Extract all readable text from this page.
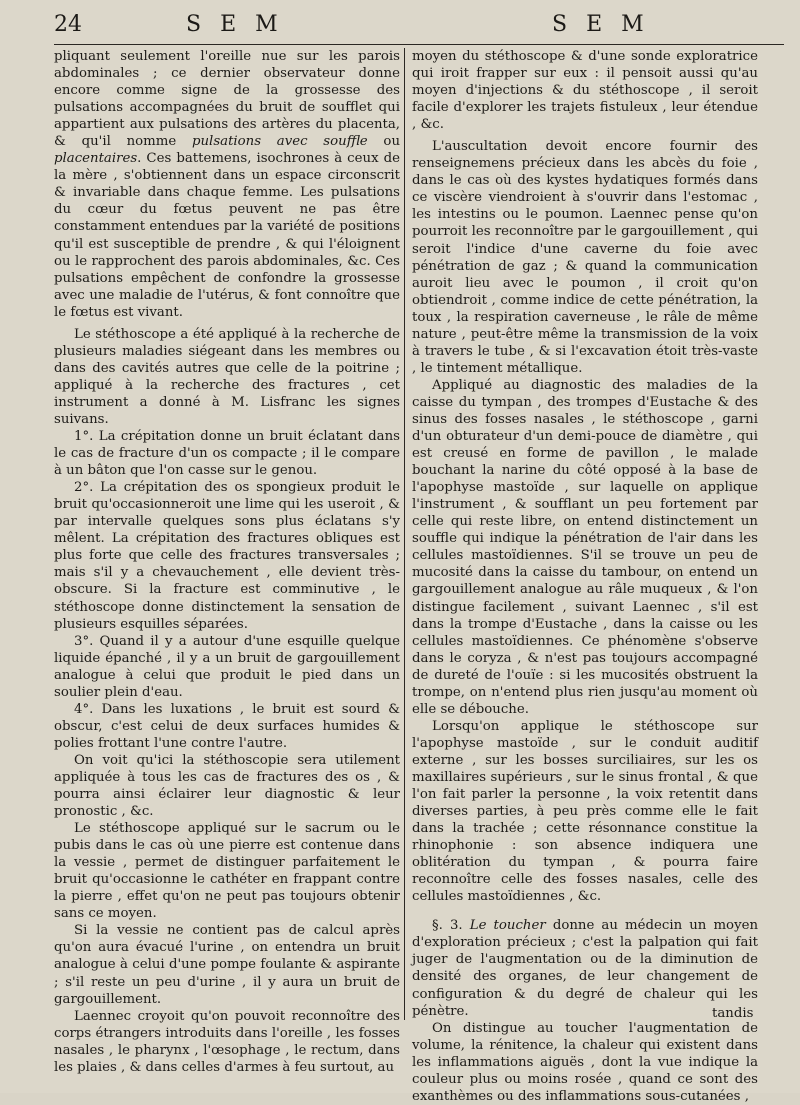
24	S E M	S E M

pliquant seulement l'oreille nue sur les parois abdominales ; ce dernier observateur donne encore comme signe de la grossesse des pulsations accompagnées du bruit de soufflet qui appartient aux pulsations des artères du placenta, & qu'il nomme pulsations avec souffle ou placentaires. Ces battemens, isochrones à ceux de la mère , s'obtiennent dans un espace circonscrit & invariable dans chaque femme. Les pulsations du cœur du fœtus peuvent ne pas être constamment entendues par la variété de positions qu'il est susceptible de prendre , & qui l'éloignent ou le rapprochent des parois abdominales, &c. Ces pulsations empêchent de confondre la grossesse avec une maladie de l'utérus, & font connoître que le fœtus est vivant.

Le stéthoscope a été appliqué à la recherche de plusieurs maladies siégeant dans les membres ou dans des cavités autres que celle de la poitrine ; appliqué à la recherche des fractures , cet instrument a donné à M. Lisfranc les signes suivans.

1°. La crépitation donne un bruit éclatant dans le cas de fracture d'un os compacte ; il le compare à un bâton que l'on casse sur le genou.

2°. La crépitation des os spongieux produit le bruit qu'occasionneroit une lime qui les useroit , & par intervalle quelques sons plus éclatans s'y mêlent. La crépitation des fractures obliques est plus forte que celle des fractures transversales ; mais s'il y a chevauchement , elle devient très-obscure. Si la fracture est comminutive , le stéthoscope donne distinctement la sensation de plusieurs esquilles séparées.

3°. Quand il y a autour d'une esquille quelque liquide épanché , il y a un bruit de gargouillement analogue à celui que produit le pied dans un soulier plein d'eau.

4°. Dans les luxations , le bruit est sourd & obscur, c'est celui de deux surfaces humides & polies frottant l'une contre l'autre.

On voit qu'ici la stéthoscopie sera utilement appliquée à tous les cas de fractures des os , & pourra ainsi éclairer leur diagnostic & leur pronostic , &c.

Le stéthoscope appliqué sur le sacrum ou le pubis dans le cas où une pierre est contenue dans la vessie , permet de distinguer parfaitement le bruit qu'occasionne le cathéter en frappant contre la pierre , effet qu'on ne peut pas toujours obtenir sans ce moyen.

Si la vessie ne contient pas de calcul après qu'on aura évacué l'urine , on entendra un bruit analogue à celui d'une pompe foulante & aspirante ; s'il reste un peu d'urine , il y aura un bruit de gargouillement.

Laennec croyoit qu'on pouvoit reconnoître des corps étrangers introduits dans l'oreille , les fosses nasales , le pharynx , l'œsophage , le rectum, dans les plaies , & dans celles d'armes à feu surtout, au

moyen du stéthoscope & d'une sonde exploratrice qui iroit frapper sur eux : il pensoit aussi qu'au moyen d'injections & du stéthoscope , il seroit facile d'explorer les trajets fistuleux , leur étendue , &c.

L'auscultation devoit encore fournir des renseignemens précieux dans les abcès du foie , dans le cas où des kystes hydatiques formés dans ce viscère viendroient à s'ouvrir dans l'estomac , les intestins ou le poumon. Laennec pense qu'on pourroit les reconnoître par le gargouillement , qui seroit l'indice d'une caverne du foie avec pénétration de gaz ; & quand la communication auroit lieu avec le poumon , il croit qu'on obtiendroit , comme indice de cette pénétration, la toux , la respiration caverneuse , le râle de même nature , peut-être même la transmission de la voix à travers le tube , & si l'excavation étoit très-vaste , le tintement métallique.

Appliqué au diagnostic des maladies de la caisse du tympan , des trompes d'Eustache & des sinus des fosses nasales , le stéthoscope , garni d'un obturateur d'un demi-pouce de diamètre , qui est creusé en forme de pavillon , le malade bouchant la narine du côté opposé à la base de l'apophyse mastoïde , sur laquelle on applique l'instrument , & soufflant un peu fortement par celle qui reste libre, on entend distinctement un souffle qui indique la pénétration de l'air dans les cellules mastoïdiennes. S'il se trouve un peu de mucosité dans la caisse du tambour, on entend un gargouillement analogue au râle muqueux , & l'on distingue facilement , suivant Laennec , s'il est dans la trompe d'Eustache , dans la caisse ou les cellules mastoïdiennes. Ce phénomène s'observe dans le coryza , & n'est pas toujours accompagné de dureté de l'ouïe : si les mucosités obstruent la trompe, on n'entend plus rien jusqu'au moment où elle se débouche.

Lorsqu'on applique le stéthoscope sur l'apophyse mastoïde , sur le conduit auditif externe , sur les bosses surciliaires, sur les os maxillaires supérieurs , sur le sinus frontal , & que l'on fait parler la personne , la voix retentit dans diverses parties, à peu près comme elle le fait dans la trachée ; cette résonnance constitue la rhinophonie : son absence indiquera une oblitération du tympan , & pourra faire reconnoître celle des fosses nasales, celle des cellules mastoïdiennes , &c.

§. 3. Le toucher donne au médecin un moyen d'exploration précieux ; c'est la palpation qui fait juger de l'augmentation ou de la diminution de densité des organes, de leur changement de configuration & du degré de chaleur qui les pénètre.

On distingue au toucher l'augmentation de volume, la rénitence, la chaleur qui existent dans les inflammations aiguës , dont la vue indique la couleur plus ou moins rosée , quand ce sont des exanthèmes ou des inflammations sous-cutanées ,

tandis
